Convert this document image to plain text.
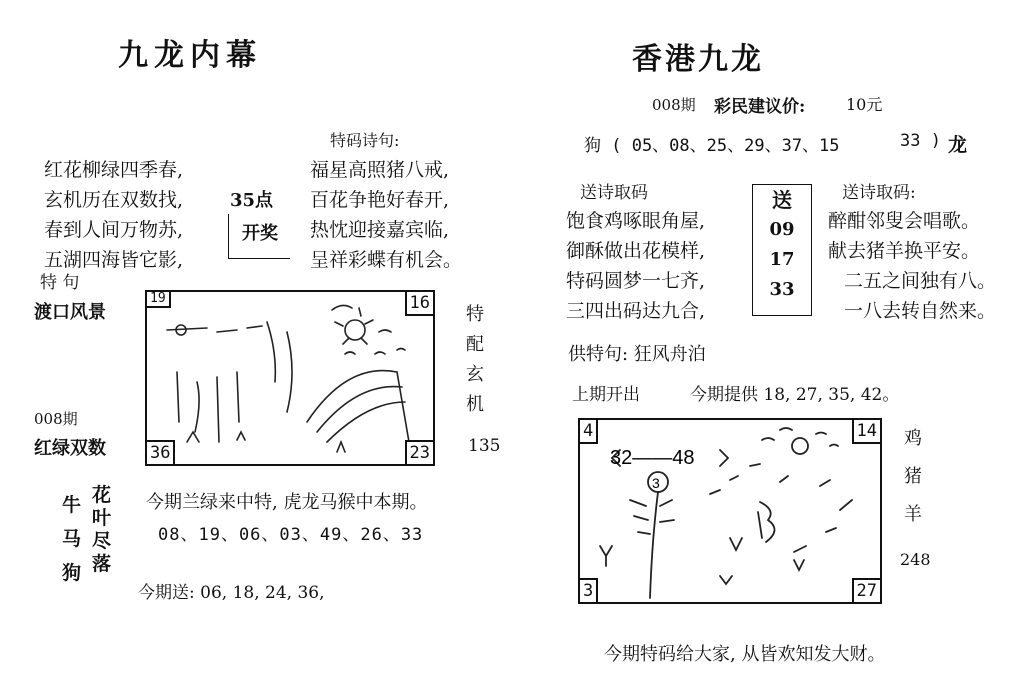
九龙内幕
特码诗句:
红花柳绿四季春,
玄机历在双数找,
春到人间万物苏,
五湖四海皆它影,
35点
开奖
福星高照猪八戒,
百花争艳好春开,
热忱迎接嘉宾临,
呈祥彩蝶有机会。
特 句
渡口风景
008期
红绿双数
19	16
36	23
特
配
玄
机
135
牛
马
狗
花
叶
尽
落
今期兰绿来中特, 虎龙马猴中本期。
08、19、06、03、49、26、33
今期送: 06, 18, 24, 36,
香港九龙
008期 彩民建议价:	10元
狗 ( 05、08、25、29、37、15	33 ) 龙
送诗取码	送诗取码:
饱食鸡啄眼角屋,
御酥做出花模样,
特码圆梦一七齐,
三四出码达九合,
送
09
17
33
醉酣邻叟会唱歌。
献去猪羊换平安。
二五之间独有八。
一八去转自然来。
供特句: 狂风舟泊
上期开出	今期提供 18, 27, 35, 42。
32——48
3
4	14
3	27
鸡
猪
羊
248
今期特码给大家, 从皆欢知发大财。
